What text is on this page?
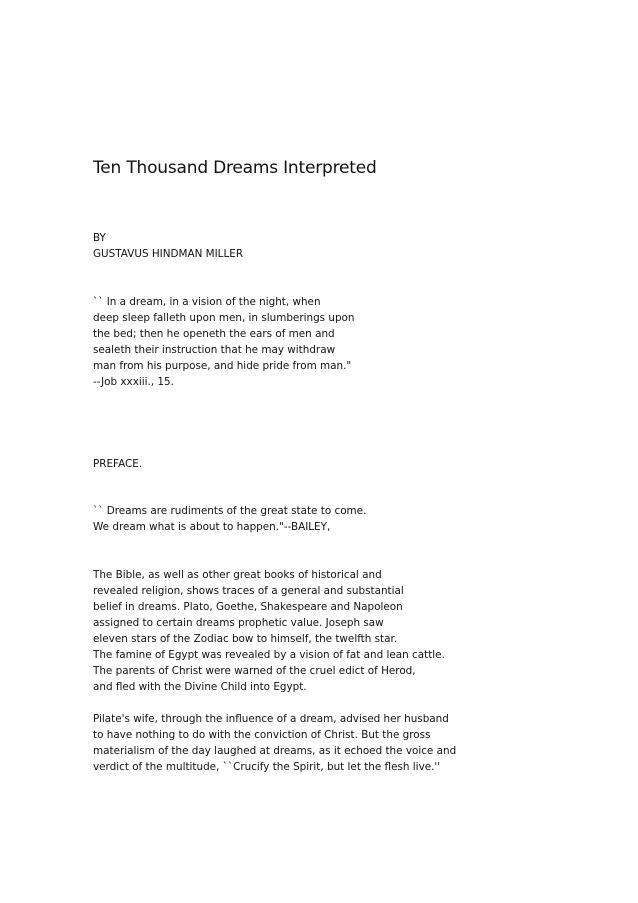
Ten Thousand Dreams Interpreted
BY
GUSTAVUS HINDMAN MILLER
`` In a dream, in a vision of the night, when
deep sleep falleth upon men, in slumberings upon
the bed; then he openeth the ears of men and
sealeth their instruction that he may withdraw
man from his purpose, and hide pride from man."
--Job xxxiii., 15.
PREFACE.
`` Dreams are rudiments of the great state to come.
We dream what is about to happen."--BAILEY,
The Bible, as well as other great books of historical and
revealed religion, shows traces of a general and substantial
belief in dreams. Plato, Goethe, Shakespeare and Napoleon
assigned to certain dreams prophetic value. Joseph saw
eleven stars of the Zodiac bow to himself, the twelfth star.
The famine of Egypt was revealed by a vision of fat and lean cattle.
The parents of Christ were warned of the cruel edict of Herod,
and fled with the Divine Child into Egypt.
Pilate's wife, through the influence of a dream, advised her husband
to have nothing to do with the conviction of Christ. But the gross
materialism of the day laughed at dreams, as it echoed the voice and
verdict of the multitude, ``Crucify the Spirit, but let the flesh live.''
